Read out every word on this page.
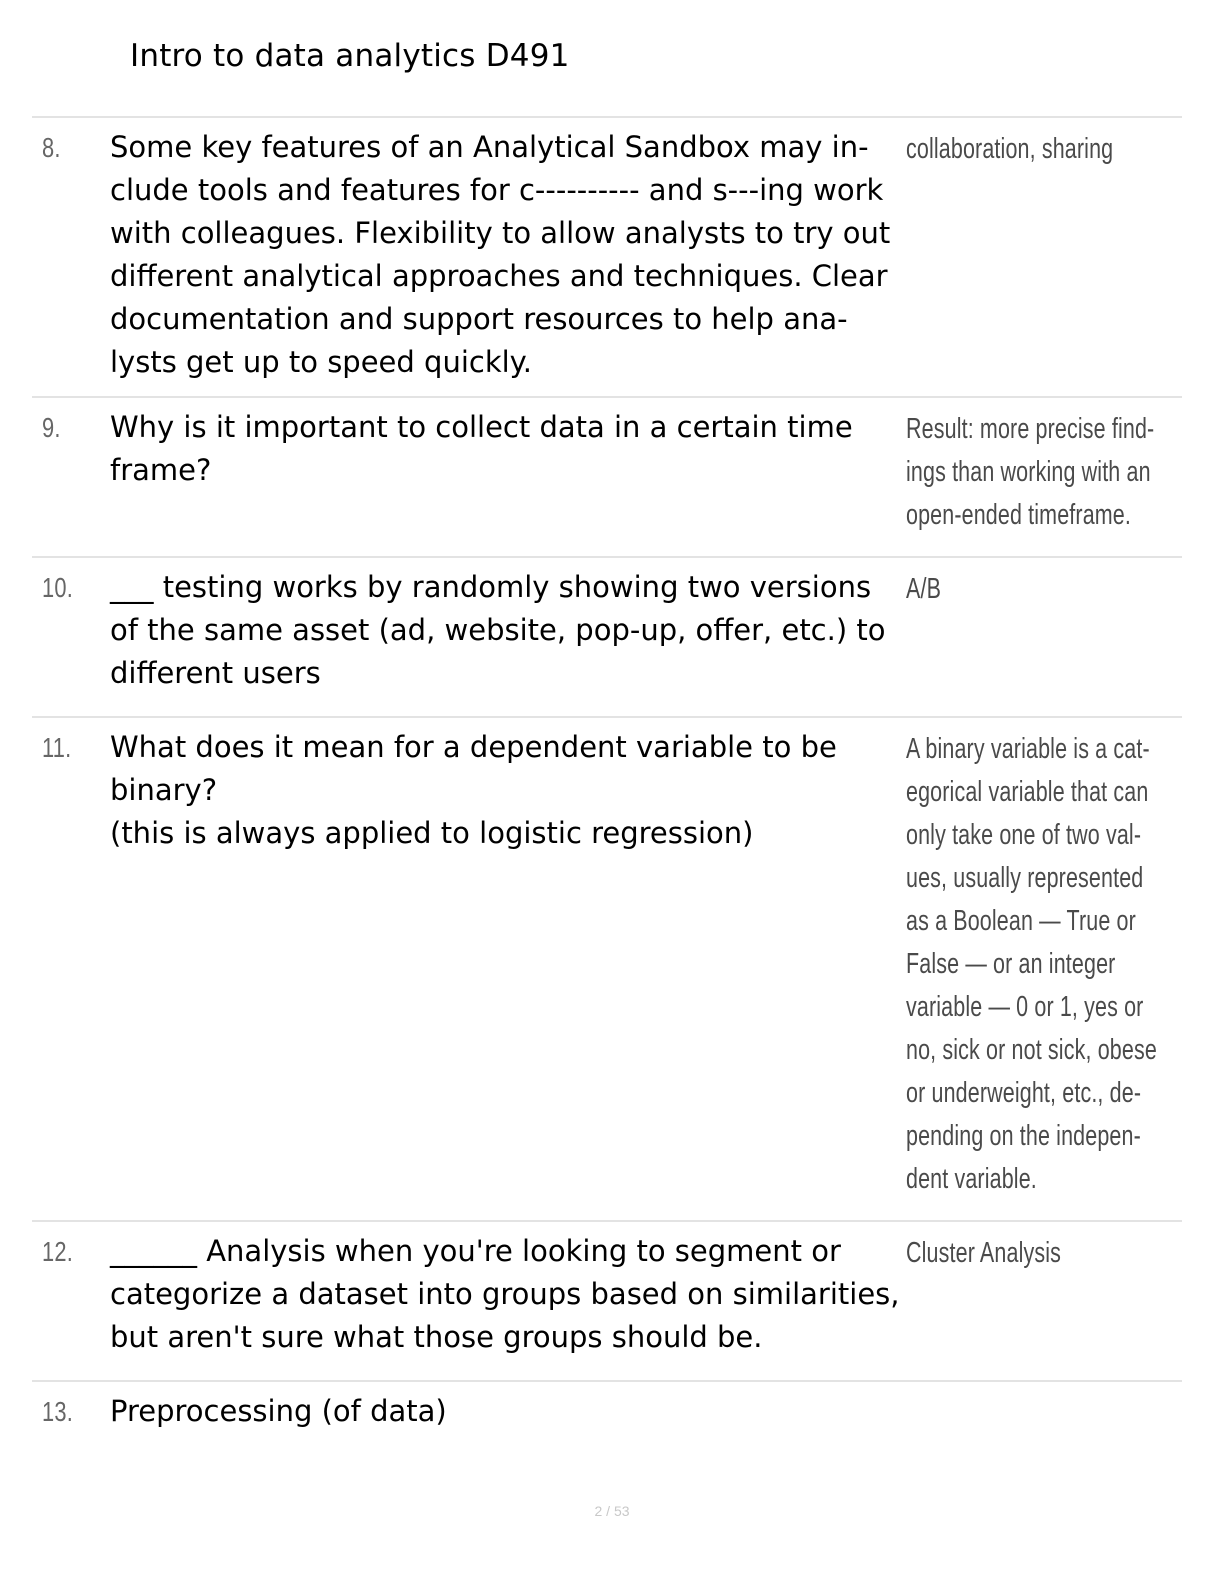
Intro to data analytics D491
8. Some key features of an Analytical Sandbox may in-
clude tools and features for c---------- and s---ing work
with colleagues. Flexibility to allow analysts to try out
different analytical approaches and techniques. Clear
documentation and support resources to help ana-
lysts get up to speed quickly.
collaboration, sharing
9. Why is it important to collect data in a certain time
frame?
Result: more precise find-
ings than working with an
open-ended timeframe.
10. ___ testing works by randomly showing two versions
of the same asset (ad, website, pop-up, offer, etc.) to
different users
A/B
11. What does it mean for a dependent variable to be
binary?
(this is always applied to logistic regression)
A binary variable is a cat-
egorical variable that can
only take one of two val-
ues, usually represented
as a Boolean — True or
False — or an integer
variable — 0 or 1, yes or
no, sick or not sick, obese
or underweight, etc., de-
pending on the indepen-
dent variable.
12. ______ Analysis when you're looking to segment or
categorize a dataset into groups based on similarities,
but aren't sure what those groups should be.
Cluster Analysis
13. Preprocessing (of data)
2 / 53
